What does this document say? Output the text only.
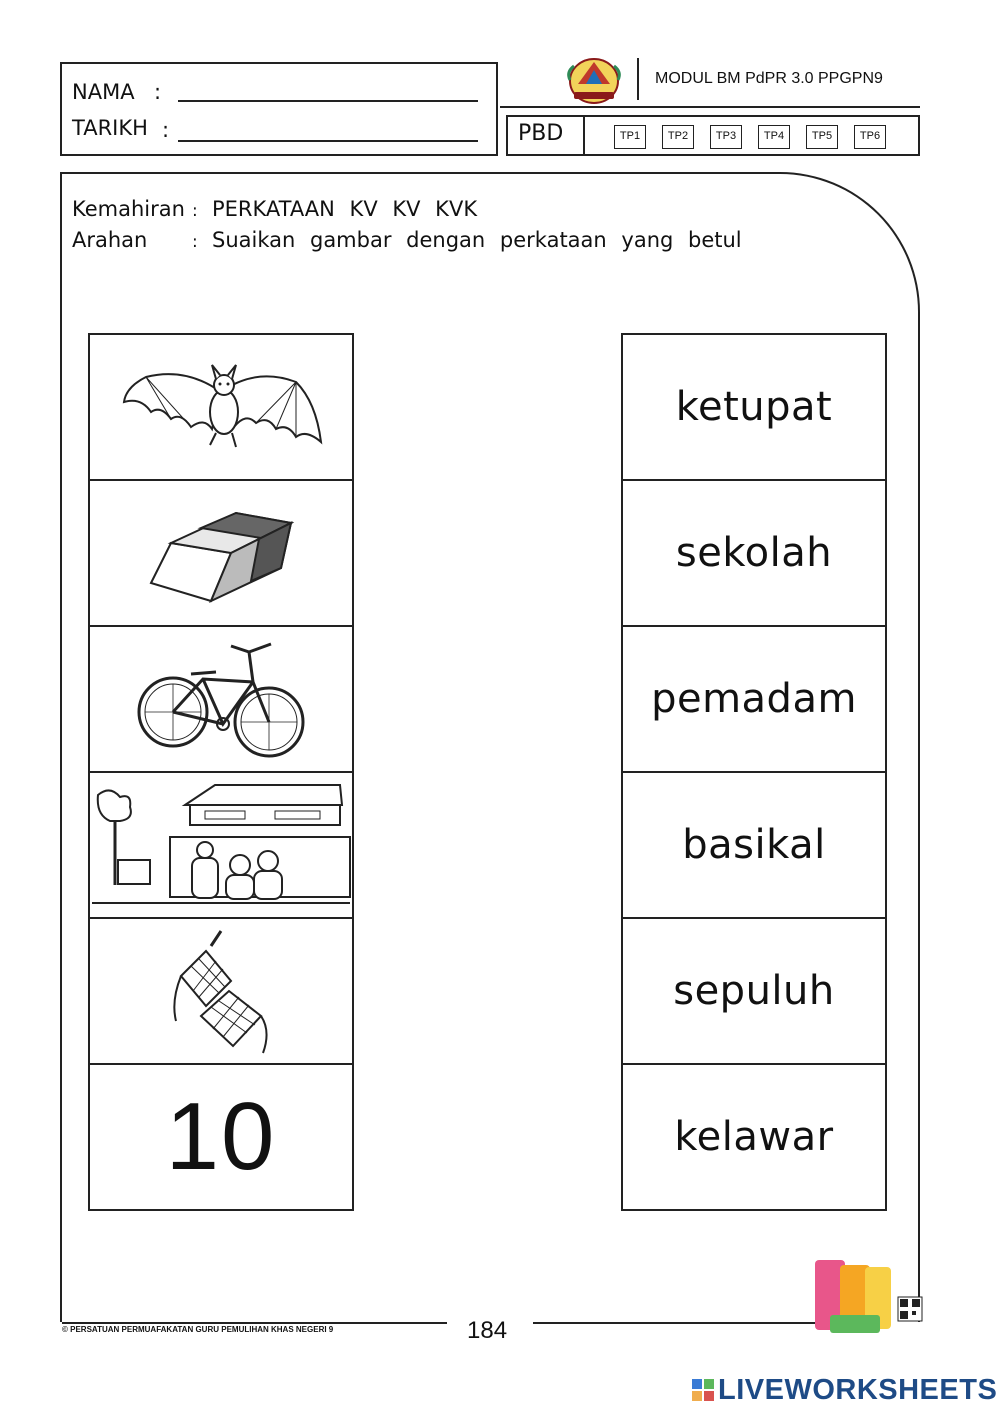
NAMA :
TARIKH :
MODUL BM PdPR 3.0 PPGPN9
PBD	TP1	TP2	TP3	TP4	TP5	TP6
Kemahiran : PERKATAAN KV KV KVK
Arahan	: Suaikan gambar dengan perkataan yang betul
10
ketupat
sekolah
pemadam
basikal
sepuluh
kelawar
© PERSATUAN PERMUAFAKATAN GURU PEMULIHAN KHAS NEGERI 9	184
LIVEWORKSHEETS
